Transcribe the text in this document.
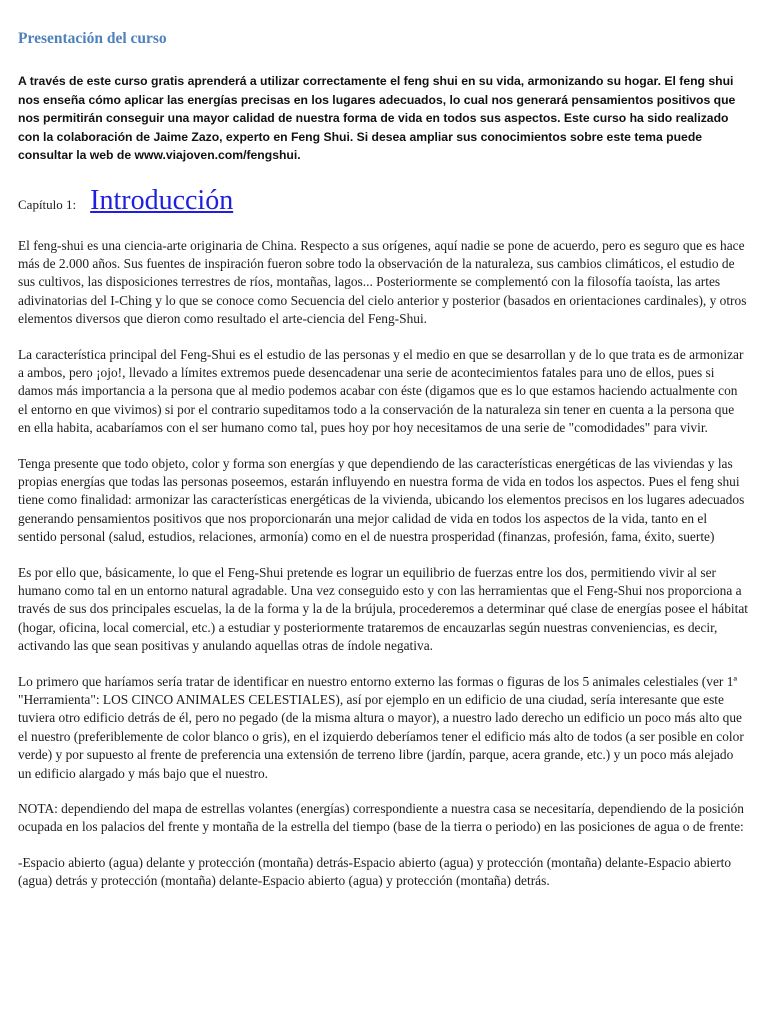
Presentación del curso

A través de este curso gratis aprenderá a utilizar correctamente el feng shui en su vida, armonizando su hogar. El feng shui nos enseña cómo aplicar las energías precisas en los lugares adecuados, lo cual nos generará pensamientos positivos que nos permitirán conseguir una mayor calidad de nuestra forma de vida en todos sus aspectos. Este curso ha sido realizado con la colaboración de Jaime Zazo, experto en Feng Shui. Si desea ampliar sus conocimientos sobre este tema puede consultar la web de www.viajoven.com/fengshui.

Capítulo 1: Introducción

El feng-shui es una ciencia-arte originaria de China. Respecto a sus orígenes, aquí nadie se pone de acuerdo, pero es seguro que es hace más de 2.000 años. Sus fuentes de inspiración fueron sobre todo la observación de la naturaleza, sus cambios climáticos, el estudio de sus cultivos, las disposiciones terrestres de ríos, montañas, lagos... Posteriormente se complementó con la filosofía taoísta, las artes adivinatorias del I-Ching y lo que se conoce como Secuencia del cielo anterior y posterior (basados en orientaciones cardinales), y otros elementos diversos que dieron como resultado el arte-ciencia del Feng-Shui.

La característica principal del Feng-Shui es el estudio de las personas y el medio en que se desarrollan y de lo que trata es de armonizar a ambos, pero ¡ojo!, llevado a límites extremos puede desencadenar una serie de acontecimientos fatales para uno de ellos, pues si damos más importancia a la persona que al medio podemos acabar con éste (digamos que es lo que estamos haciendo actualmente con el entorno en que vivimos) si por el contrario supeditamos todo a la conservación de la naturaleza sin tener en cuenta a la persona que en ella habita, acabaríamos con el ser humano como tal, pues hoy por hoy necesitamos de una serie de "comodidades" para vivir.

Tenga presente que todo objeto, color y forma son energías y que dependiendo de las características energéticas de las viviendas y las propias energías que todas las personas poseemos, estarán influyendo en nuestra forma de vida en todos los aspectos. Pues el feng shui tiene como finalidad: armonizar las características energéticas de la vivienda, ubicando los elementos precisos en los lugares adecuados generando pensamientos positivos que nos proporcionarán una mejor calidad de vida en todos los aspectos de la vida, tanto en el sentido personal (salud, estudios, relaciones, armonía) como en el de nuestra prosperidad (finanzas, profesión, fama, éxito, suerte)

Es por ello que, básicamente, lo que el Feng-Shui pretende es lograr un equilibrio de fuerzas entre los dos, permitiendo vivir al ser humano como tal en un entorno natural agradable. Una vez conseguido esto y con las herramientas que el Feng-Shui nos proporciona a través de sus dos principales escuelas, la de la forma y la de la brújula, procederemos a determinar qué clase de energías posee el hábitat (hogar, oficina, local comercial, etc.) a estudiar y posteriormente trataremos de encauzarlas según nuestras conveniencias, es decir, activando las que sean positivas y anulando aquellas otras de índole negativa.

Lo primero que haríamos sería tratar de identificar en nuestro entorno externo las formas o figuras de los 5 animales celestiales (ver 1ª "Herramienta": LOS CINCO ANIMALES CELESTIALES), así por ejemplo en un edificio de una ciudad, sería interesante que este tuviera otro edificio detrás de él, pero no pegado (de la misma altura o mayor), a nuestro lado derecho un edificio un poco más alto que el nuestro (preferiblemente de color blanco o gris), en el izquierdo deberíamos tener el edificio más alto de todos (a ser posible en color verde) y por supuesto al frente de preferencia una extensión de terreno libre (jardín, parque, acera grande, etc.) y un poco más alejado un edificio alargado y más bajo que el nuestro.

NOTA: dependiendo del mapa de estrellas volantes (energías) correspondiente a nuestra casa se necesitaría, dependiendo de la posición ocupada en los palacios del frente y montaña de la estrella del tiempo (base de la tierra o periodo) en las posiciones de agua o de frente:

-Espacio abierto (agua) delante y protección (montaña) detrás-Espacio abierto (agua) y protección (montaña) delante-Espacio abierto (agua) detrás y protección (montaña) delante-Espacio abierto (agua) y protección (montaña) detrás.
